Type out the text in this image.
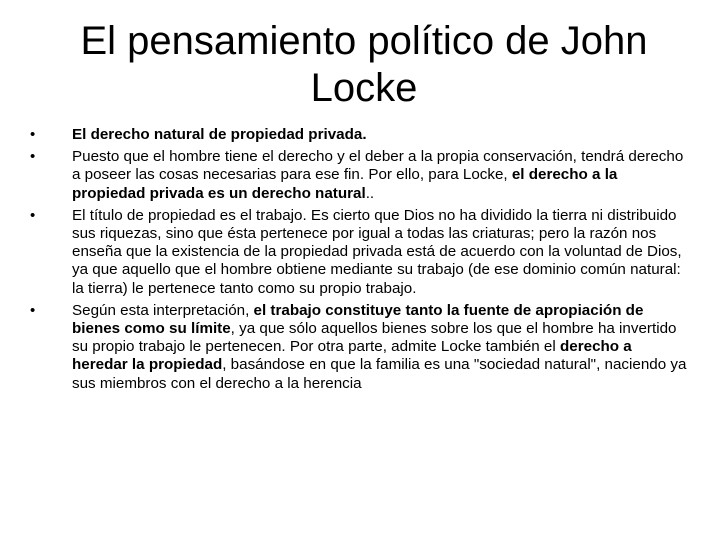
El pensamiento político de John Locke
•	El derecho natural de propiedad privada.
•	Puesto que el hombre tiene el derecho y el deber a la propia conservación, tendrá derecho a poseer las cosas necesarias para ese fin. Por ello, para Locke, el derecho a la propiedad privada es un derecho natural..
•	El título de propiedad es el trabajo. Es cierto que Dios no ha dividido la tierra ni distribuido sus riquezas, sino que ésta pertenece por igual a todas las criaturas; pero la razón nos enseña que la existencia de la propiedad privada está de acuerdo con la voluntad de Dios, ya que aquello que el hombre obtiene mediante su trabajo (de ese dominio común natural: la tierra) le pertenece tanto como su propio trabajo.
•	Según esta interpretación, el trabajo constituye tanto la fuente de apropiación de bienes como su límite, ya que sólo aquellos bienes sobre los que el hombre ha invertido su propio trabajo le pertenecen. Por otra parte, admite Locke también el derecho a heredar la propiedad, basándose en que la familia es una "sociedad natural", naciendo ya sus miembros con el derecho a la herencia
